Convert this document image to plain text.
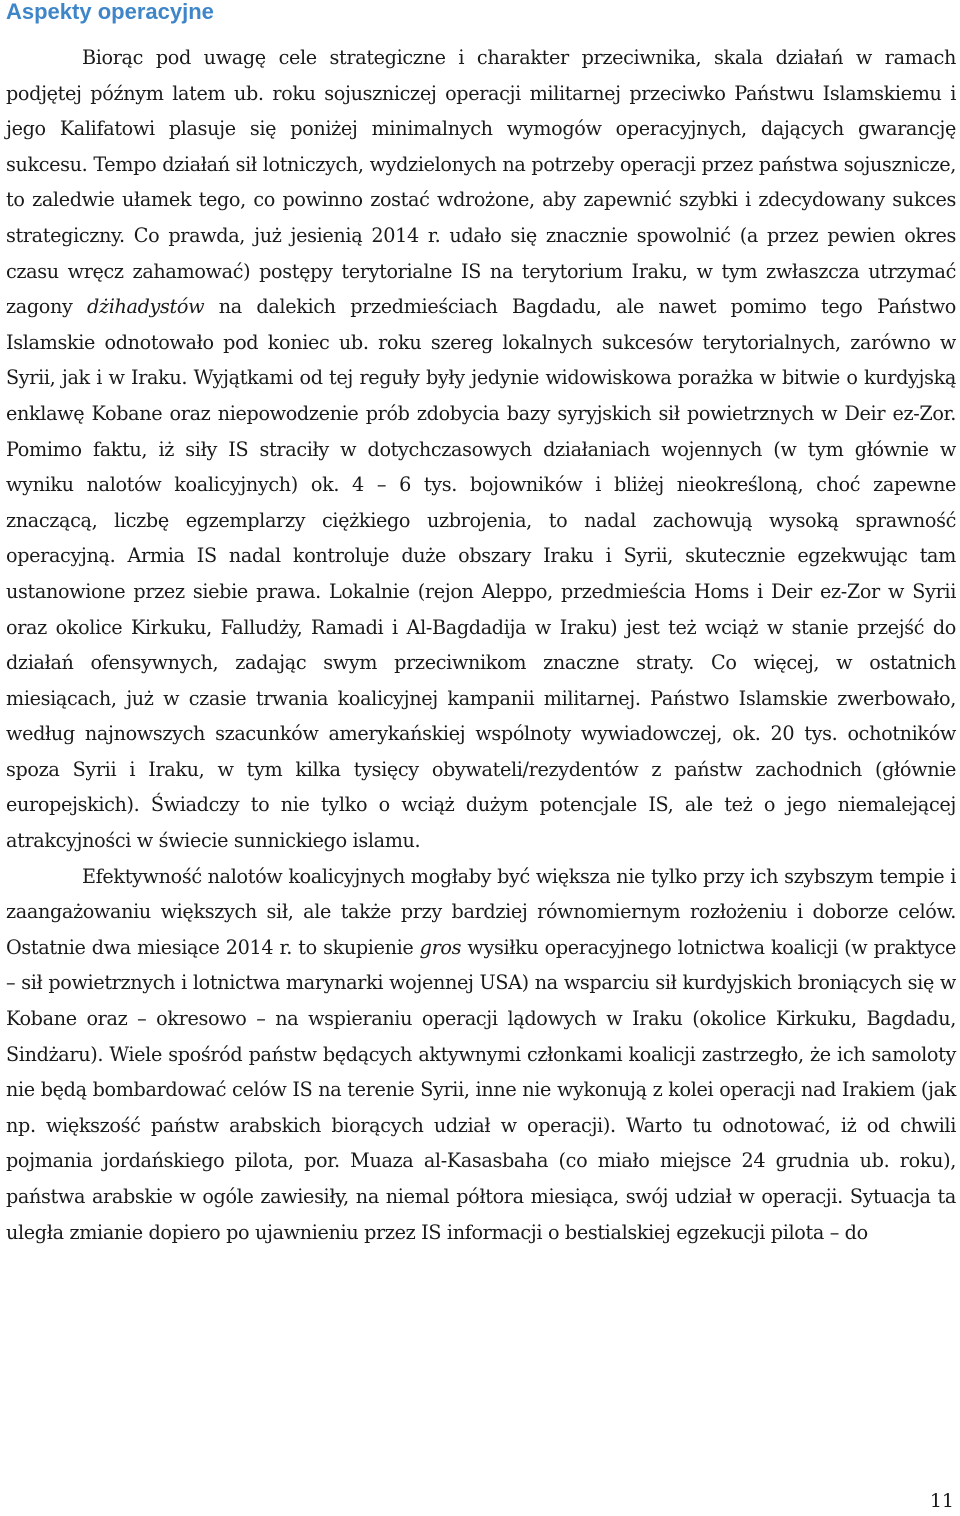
Aspekty operacyjne

Biorąc pod uwagę cele strategiczne i charakter przeciwnika, skala działań w ramach podjętej późnym latem ub. roku sojuszniczej operacji militarnej przeciwko Państwu Islamskiemu i jego Kalifatowi plasuje się poniżej minimalnych wymogów operacyjnych, dających gwarancję sukcesu. Tempo działań sił lotniczych, wydzielonych na potrzeby operacji przez państwa sojusznicze, to zaledwie ułamek tego, co powinno zostać wdrożone, aby zapewnić szybki i zdecydowany sukces strategiczny. Co prawda, już jesienią 2014 r. udało się znacznie spowolnić (a przez pewien okres czasu wręcz zahamować) postępy terytorialne IS na terytorium Iraku, w tym zwłaszcza utrzymać zagony dżihadystów na dalekich przedmieściach Bagdadu, ale nawet pomimo tego Państwo Islamskie odnotowało pod koniec ub. roku szereg lokalnych sukcesów terytorialnych, zarówno w Syrii, jak i w Iraku. Wyjątkami od tej reguły były jedynie widowiskowa porażka w bitwie o kurdyjską enklawę Kobane oraz niepowodzenie prób zdobycia bazy syryjskich sił powietrznych w Deir ez-Zor. Pomimo faktu, iż siły IS straciły w dotychczasowych działaniach wojennych (w tym głównie w wyniku nalotów koalicyjnych) ok. 4 – 6 tys. bojowników i bliżej nieokreśloną, choć zapewne znaczącą, liczbę egzemplarzy ciężkiego uzbrojenia, to nadal zachowują wysoką sprawność operacyjną. Armia IS nadal kontroluje duże obszary Iraku i Syrii, skutecznie egzekwując tam ustanowione przez siebie prawa. Lokalnie (rejon Aleppo, przedmieścia Homs i Deir ez-Zor w Syrii oraz okolice Kirkuku, Falludży, Ramadi i Al-Bagdadija w Iraku) jest też wciąż w stanie przejść do działań ofensywnych, zadając swym przeciwnikom znaczne straty. Co więcej, w ostatnich miesiącach, już w czasie trwania koalicyjnej kampanii militarnej. Państwo Islamskie zwerbowało, według najnowszych szacunków amerykańskiej wspólnoty wywiadowczej, ok. 20 tys. ochotników spoza Syrii i Iraku, w tym kilka tysięcy obywateli/rezydentów z państw zachodnich (głównie europejskich). Świadczy to nie tylko o wciąż dużym potencjale IS, ale też o jego niemalejącej atrakcyjności w świecie sunnickiego islamu.

Efektywność nalotów koalicyjnych mogłaby być większa nie tylko przy ich szybszym tempie i zaangażowaniu większych sił, ale także przy bardziej równomiernym rozłożeniu i doborze celów. Ostatnie dwa miesiące 2014 r. to skupienie gros wysiłku operacyjnego lotnictwa koalicji (w praktyce – sił powietrznych i lotnictwa marynarki wojennej USA) na wsparciu sił kurdyjskich broniących się w Kobane oraz – okresowo – na wspieraniu operacji lądowych w Iraku (okolice Kirkuku, Bagdadu, Sindżaru). Wiele spośród państw będących aktywnymi członkami koalicji zastrzegło, że ich samoloty nie będą bombardować celów IS na terenie Syrii, inne nie wykonują z kolei operacji nad Irakiem (jak np. większość państw arabskich biorących udział w operacji). Warto tu odnotować, iż od chwili pojmania jordańskiego pilota, por. Muaza al-Kasasbaha (co miało miejsce 24 grudnia ub. roku), państwa arabskie w ogóle zawiesiły, na niemal półtora miesiąca, swój udział w operacji. Sytuacja ta uległa zmianie dopiero po ujawnieniu przez IS informacji o bestialskiej egzekucji pilota – do

11
